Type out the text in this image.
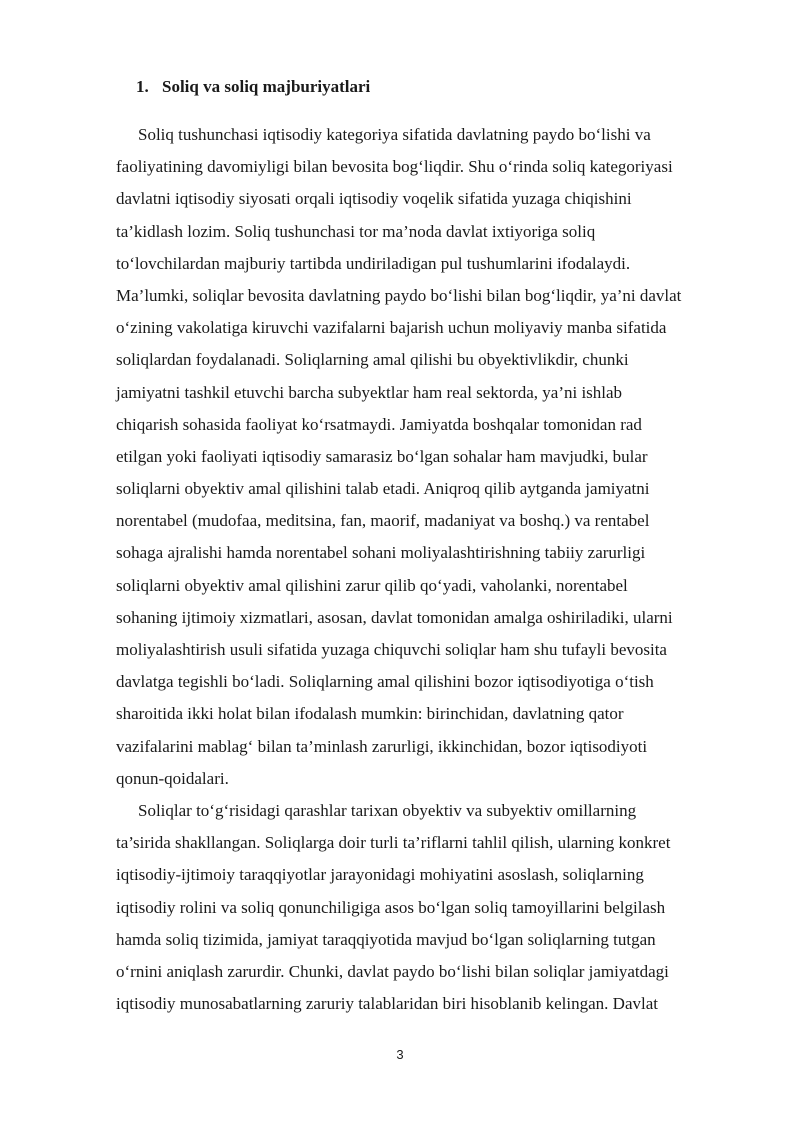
1. Soliq va soliq majburiyatlari
Soliq tushunchasi iqtisodiy kategoriya sifatida davlatning paydo bo‘lishi va
faoliyatining davomiyligi bilan bevosita bog‘liqdir. Shu o‘rinda soliq kategoriyasi
davlatni iqtisodiy siyosati orqali iqtisodiy voqelik sifatida yuzaga chiqishini
ta’kidlash lozim. Soliq tushunchasi tor ma’noda davlat ixtiyoriga soliq
to‘lovchilardan majburiy tartibda undiriladigan pul tushumlarini ifodalaydi.
Ma’lumki, soliqlar bevosita davlatning paydo bo‘lishi bilan bog‘liqdir, ya’ni davlat
o‘zining vakolatiga kiruvchi vazifalarni bajarish uchun moliyaviy manba sifatida
soliqlardan foydalanadi. Soliqlarning amal qilishi bu obyektivlikdir, chunki
jamiyatni tashkil etuvchi barcha subyektlar ham real sektorda, ya’ni ishlab
chiqarish sohasida faoliyat ko‘rsatmaydi. Jamiyatda boshqalar tomonidan rad
etilgan yoki faoliyati iqtisodiy samarasiz bo‘lgan sohalar ham mavjudki, bular
soliqlarni obyektiv amal qilishini talab etadi. Aniqroq qilib aytganda jamiyatni
norentabel (mudofaa, meditsina, fan, maorif, madaniyat va boshq.) va rentabel
sohaga ajralishi hamda norentabel sohani moliyalashtirishning tabiiy zarurligi
soliqlarni obyektiv amal qilishini zarur qilib qo‘yadi, vaholanki, norentabel
sohaning ijtimoiy xizmatlari, asosan, davlat tomonidan amalga oshiriladiki, ularni
moliyalashtirish usuli sifatida yuzaga chiquvchi soliqlar ham shu tufayli bevosita
davlatga tegishli bo‘ladi. Soliqlarning amal qilishini bozor iqtisodiyotiga o‘tish
sharoitida ikki holat bilan ifodalash mumkin: birinchidan, davlatning qator
vazifalarini mablag‘ bilan ta’minlash zarurligi, ikkinchidan, bozor iqtisodiyoti
qonun-qoidalari.
Soliqlar to‘g‘risidagi qarashlar tarixan obyektiv va subyektiv omillarning
ta’sirida shakllangan. Soliqlarga doir turli ta’riflarni tahlil qilish, ularning konkret
iqtisodiy-ijtimoiy taraqqiyotlar jarayonidagi mohiyatini asoslash, soliqlarning
iqtisodiy rolini va soliq qonunchiligiga asos bo‘lgan soliq tamoyillarini belgilash
hamda soliq tizimida, jamiyat taraqqiyotida mavjud bo‘lgan soliqlarning tutgan
o‘rnini aniqlash zarurdir. Chunki, davlat paydo bo‘lishi bilan soliqlar jamiyatdagi
iqtisodiy munosabatlarning zaruriy talablaridan biri hisoblanib kelingan. Davlat
3
